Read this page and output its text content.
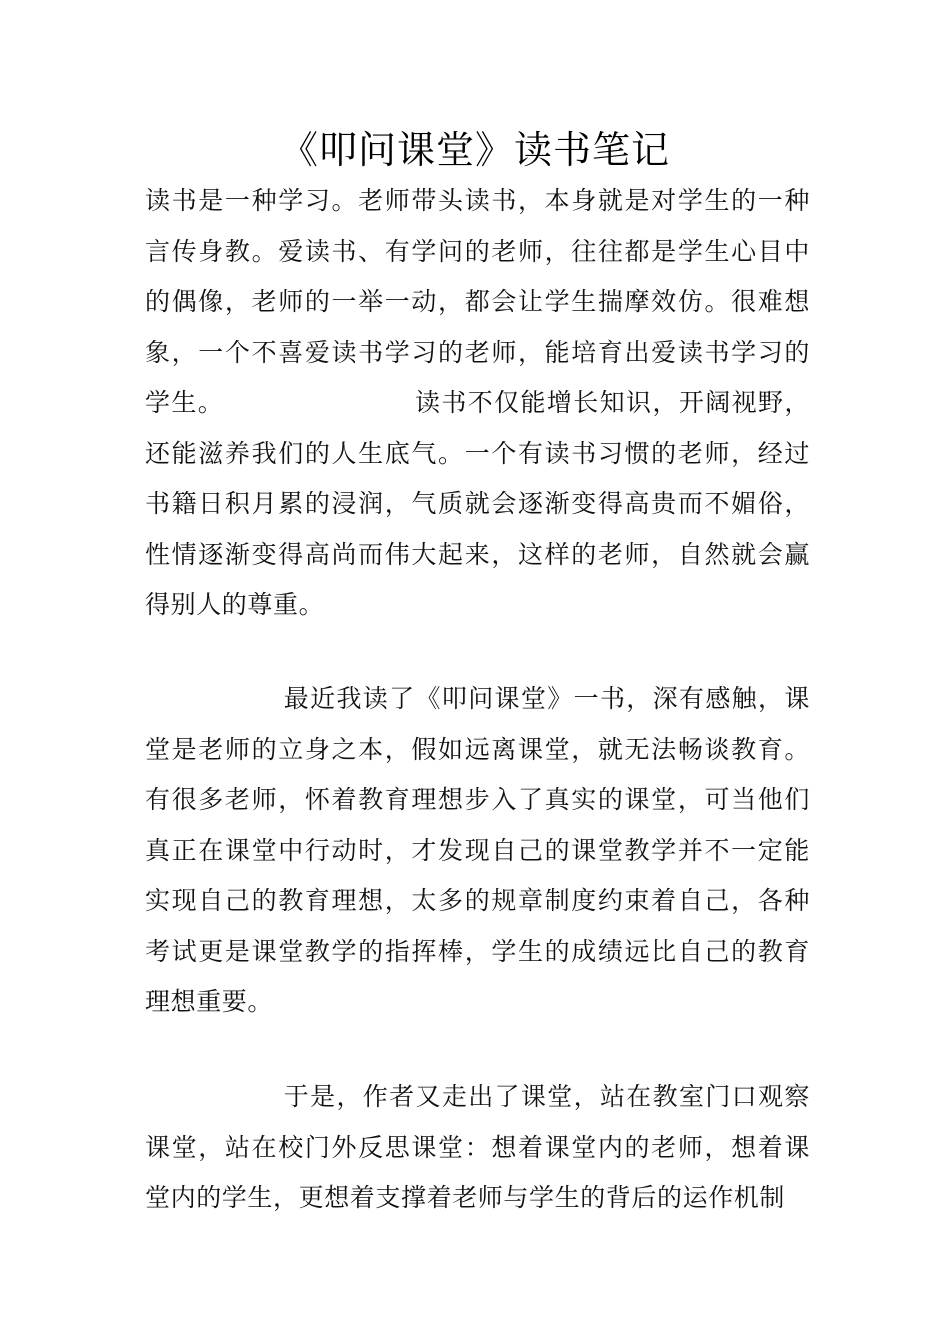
《叩问课堂》读书笔记
读书是一种学习。老师带头读书，本身就是对学生的一种言传身教。爱读书、有学问的老师，往往都是学生心目中的偶像，老师的一举一动，都会让学生揣摩效仿。很难想象，一个不喜爱读书学习的老师，能培育出爱读书学习的学生。	读书不仅能增长知识，开阔视野，还能滋养我们的人生底气。一个有读书习惯的老师，经过书籍日积月累的浸润，气质就会逐渐变得高贵而不媚俗，性情逐渐变得高尚而伟大起来，这样的老师，自然就会赢得别人的尊重。
最近我读了《叩问课堂》一书，深有感触，课堂是老师的立身之本，假如远离课堂，就无法畅谈教育。有很多老师，怀着教育理想步入了真实的课堂，可当他们真正在课堂中行动时，才发现自己的课堂教学并不一定能实现自己的教育理想，太多的规章制度约束着自己，各种考试更是课堂教学的指挥棒，学生的成绩远比自己的教育理想重要。
于是，作者又走出了课堂，站在教室门口观察课堂，站在校门外反思课堂：想着课堂内的老师，想着课堂内的学生，更想着支撑着老师与学生的背后的运作机制
